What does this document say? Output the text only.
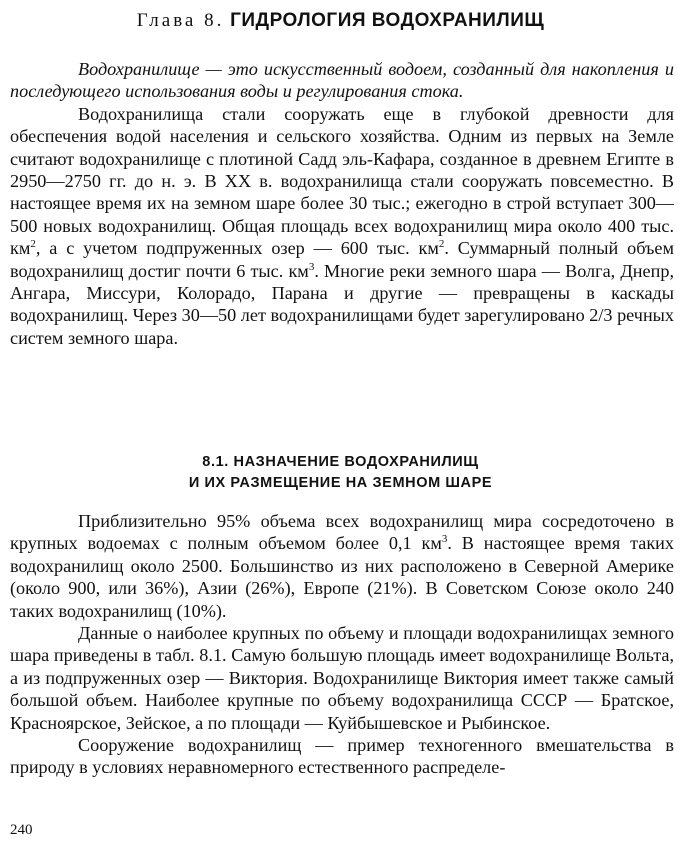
Глава 8. ГИДРОЛОГИЯ ВОДОХРАНИЛИЩ

Водохранилище — это искусственный водоем, созданный для накопления и последующего использования воды и регулирования стока.

Водохранилища стали сооружать еще в глубокой древности для обеспечения водой населения и сельского хозяйства. Одним из первых на Земле считают водохранилище с плотиной Садд эль-Кафара, созданное в древнем Египте в 2950—2750 гг. до н. э. В XX в. водохранилища стали сооружать повсеместно. В настоящее время их на земном шаре более 30 тыс.; ежегодно в строй вступает 300—500 новых водохранилищ. Общая площадь всех водохранилищ мира около 400 тыс. $км^2$, а с учетом подпруженных озер — 600 тыс. $км^2$. Суммарный полный объем водохранилищ достиг почти 6 тыс. $км^3$. Многие реки земного шара — Волга, Днепр, Ангара, Миссури, Колорадо, Парана и другие — превращены в каскады водохранилищ. Через 30—50 лет водохранилищами будет зарегулировано 2/3 речных систем земного шара.

8.1. НАЗНАЧЕНИЕ ВОДОХРАНИЛИЩ
И ИХ РАЗМЕЩЕНИЕ НА ЗЕМНОМ ШАРЕ

Приблизительно 95% объема всех водохранилищ мира сосредоточено в крупных водоемах с полным объемом более 0,1 $км^3$. В настоящее время таких водохранилищ около 2500. Большинство из них расположено в Северной Америке (около 900, или 36%), Азии (26%), Европе (21%). В Советском Союзе около 240 таких водохранилищ (10%).

Данные о наиболее крупных по объему и площади водохранилищах земного шара приведены в табл. 8.1. Самую большую площадь имеет водохранилище Вольта, а из подпруженных озер — Виктория. Водохранилище Виктория имеет также самый большой объем. Наиболее крупные по объему водохранилища СССР — Братское, Красноярское, Зейское, а по площади — Куйбышевское и Рыбинское.

Сооружение водохранилищ — пример техногенного вмешательства в природу в условиях неравномерного естественного распределе-

240
